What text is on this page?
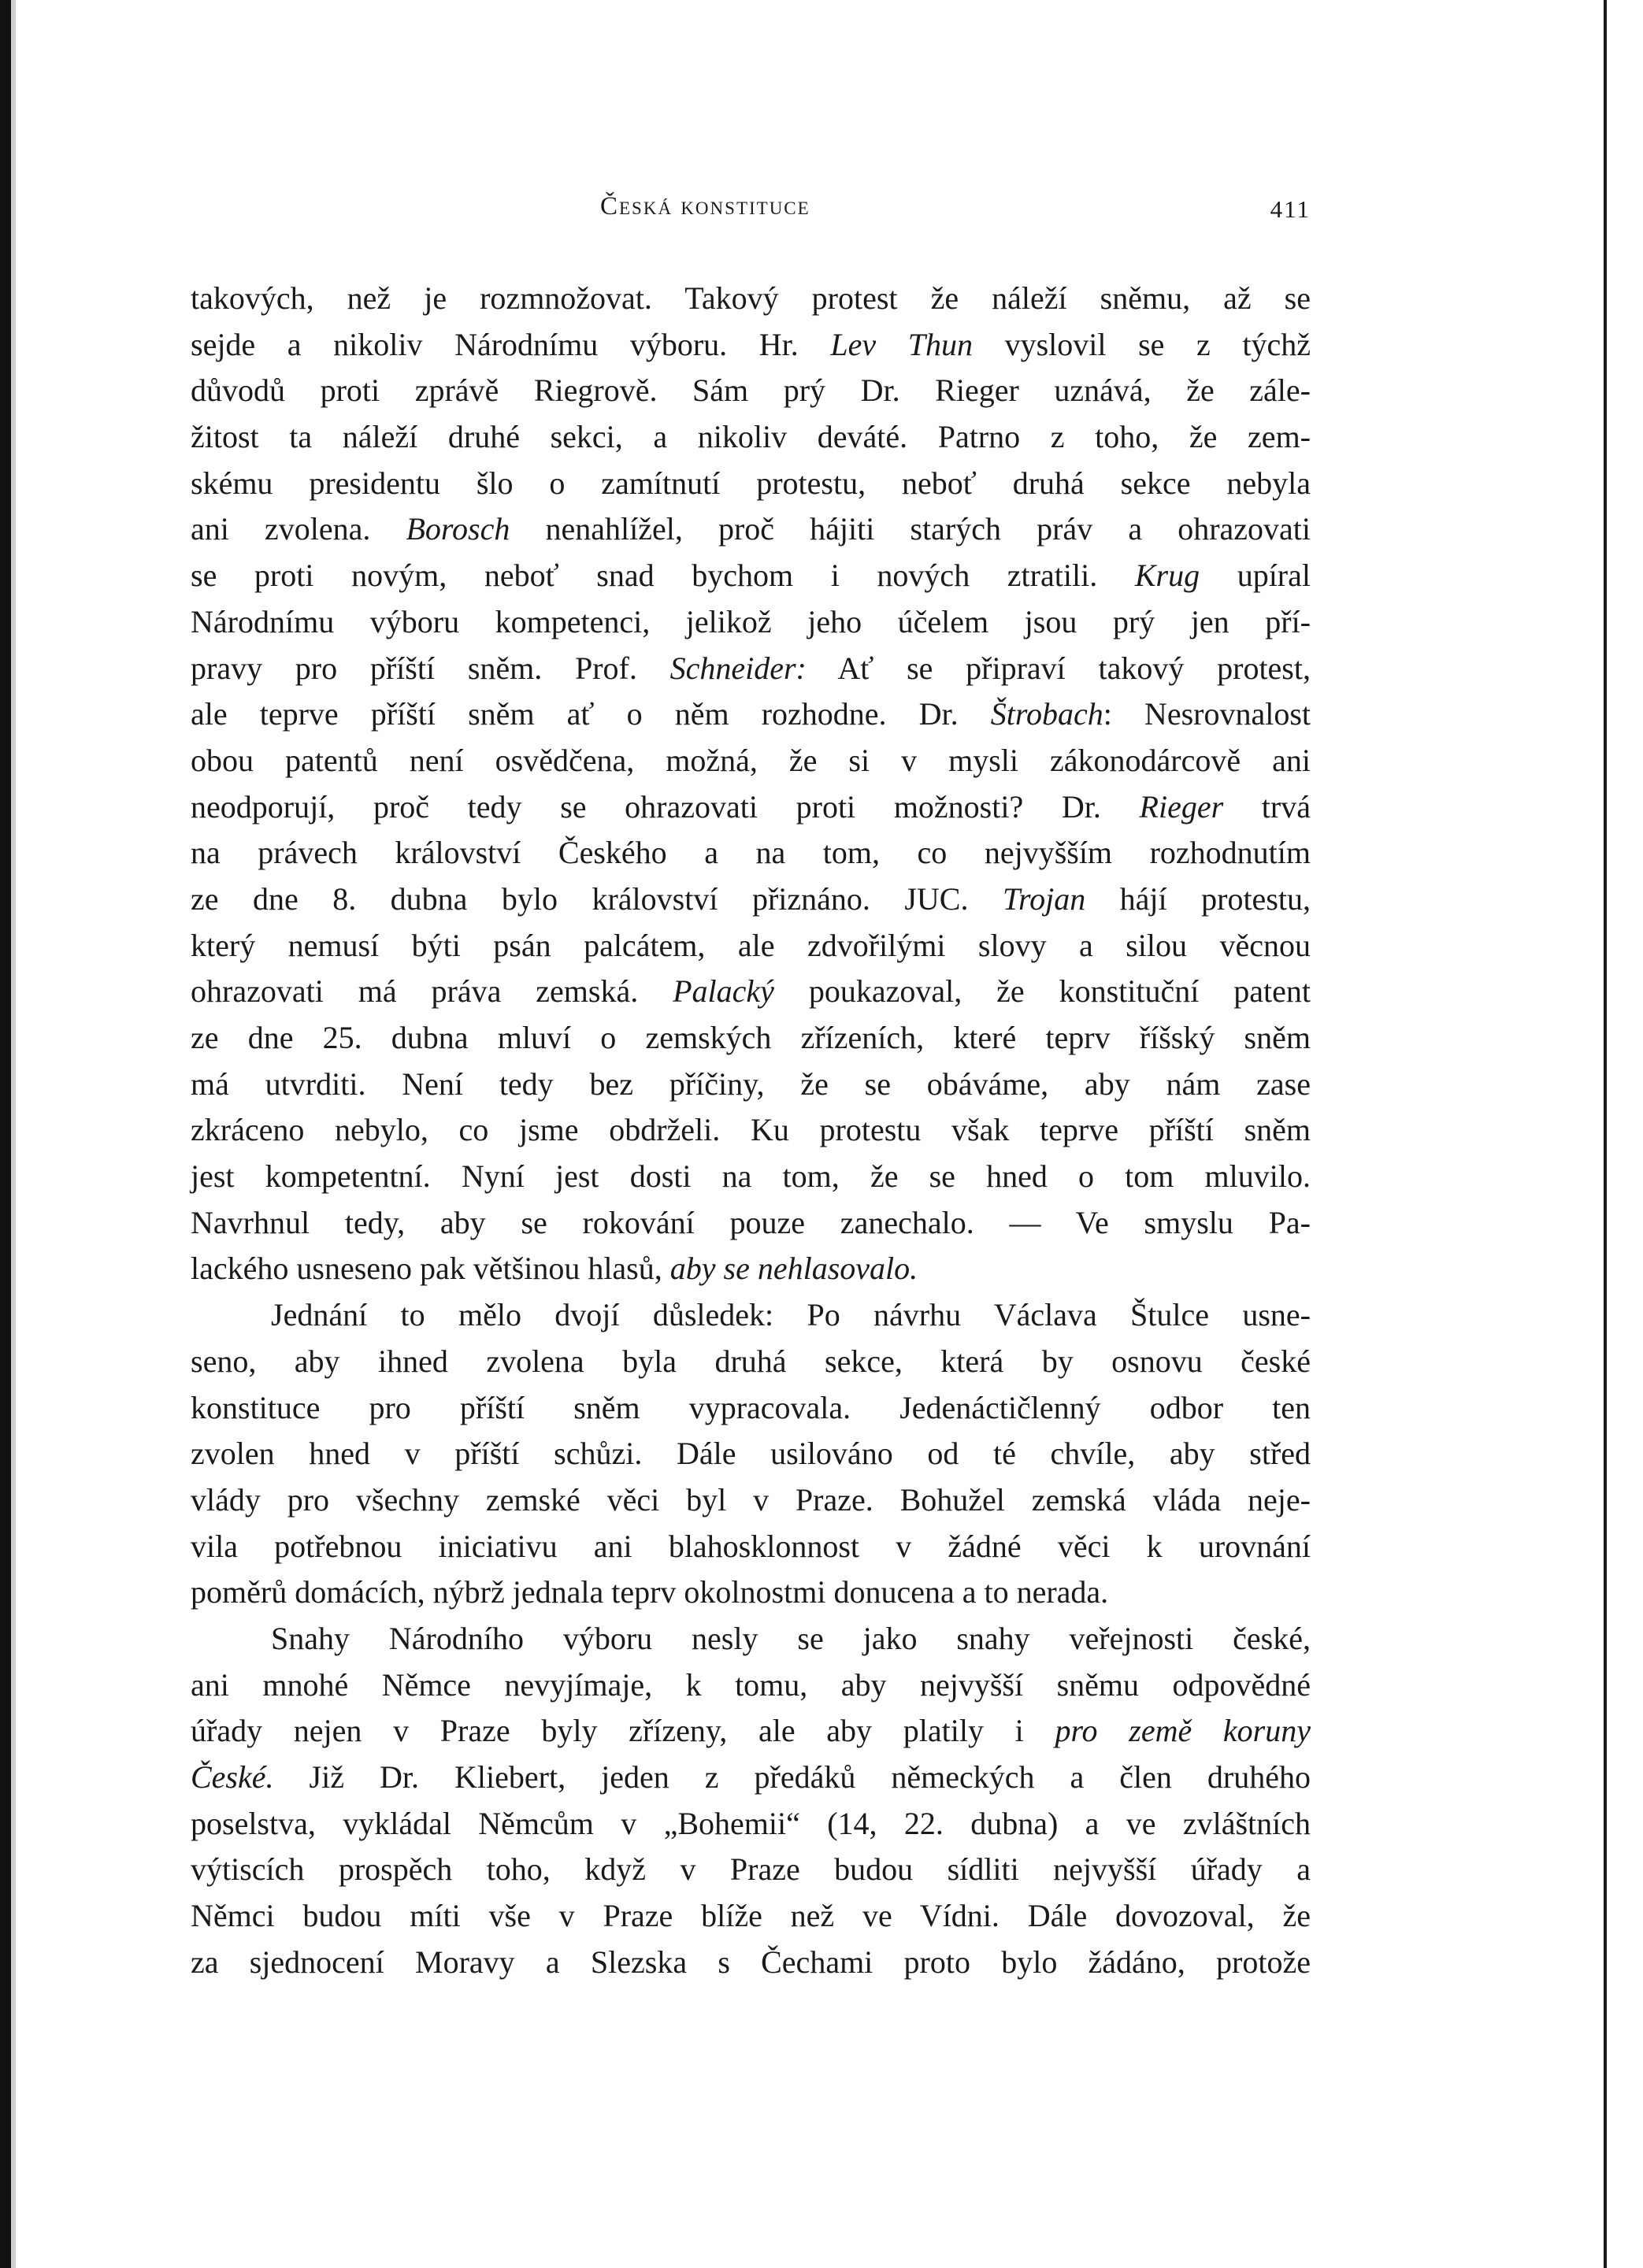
Česká konstituce	411
takových, než je rozmnožovat. Takový protest že náleží sněmu, až se
sejde a nikoliv Národnímu výboru. Hr. Lev Thun vyslovil se z týchž
důvodů proti zprávě Riegrově. Sám prý Dr. Rieger uznává, že zále-
žitost ta náleží druhé sekci, a nikoliv deváté. Patrno z toho, že zem-
skému presidentu šlo o zamítnutí protestu, neboť druhá sekce nebyla
ani zvolena. Borosch nenahlížel, proč hájiti starých práv a ohrazovati
se proti novým, neboť snad bychom i nových ztratili. Krug upíral
Národnímu výboru kompetenci, jelikož jeho účelem jsou prý jen pří-
pravy pro příští sněm. Prof. Schneider: Ať se připraví takový protest,
ale teprve příští sněm ať o něm rozhodne. Dr. Štrobach: Nesrovnalost
obou patentů není osvědčena, možná, že si v mysli zákonodárcově ani
neodporují, proč tedy se ohrazovati proti možnosti? Dr. Rieger trvá
na právech království Českého a na tom, co nejvyšším rozhodnutím
ze dne 8. dubna bylo království přiznáno. JUC. Trojan hájí protestu,
který nemusí býti psán palcátem, ale zdvořilými slovy a silou věcnou
ohrazovati má práva zemská. Palacký poukazoval, že konstituční patent
ze dne 25. dubna mluví o zemských zřízeních, které teprv říšský sněm
má utvrditi. Není tedy bez příčiny, že se obáváme, aby nám zase
zkráceno nebylo, co jsme obdrželi. Ku protestu však teprve příští sněm
jest kompetentní. Nyní jest dosti na tom, že se hned o tom mluvilo.
Navrhnul tedy, aby se rokování pouze zanechalo. — Ve smyslu Pa-
lackého usneseno pak většinou hlasů, aby se nehlasovalo.
Jednání to mělo dvojí důsledek: Po návrhu Václava Štulce usne-
seno, aby ihned zvolena byla druhá sekce, která by osnovu české
konstituce pro příští sněm vypracovala. Jedenáctičlenný odbor ten
zvolen hned v příští schůzi. Dále usilováno od té chvíle, aby střed
vlády pro všechny zemské věci byl v Praze. Bohužel zemská vláda neje-
vila potřebnou iniciativu ani blahosklonnost v žádné věci k urovnání
poměrů domácích, nýbrž jednala teprv okolnostmi donucena a to nerada.
Snahy Národního výboru nesly se jako snahy veřejnosti české,
ani mnohé Němce nevyjímaje, k tomu, aby nejvyšší sněmu odpovědné
úřady nejen v Praze byly zřízeny, ale aby platily i pro země koruny
České. Již Dr. Kliebert, jeden z předáků německých a člen druhého
poselstva, vykládal Němcům v „Bohemii“ (14, 22. dubna) a ve zvláštních
výtiscích prospěch toho, když v Praze budou sídliti nejvyšší úřady a
Němci budou míti vše v Praze blíže než ve Vídni. Dále dovozoval, že
za sjednocení Moravy a Slezska s Čechami proto bylo žádáno, protože
